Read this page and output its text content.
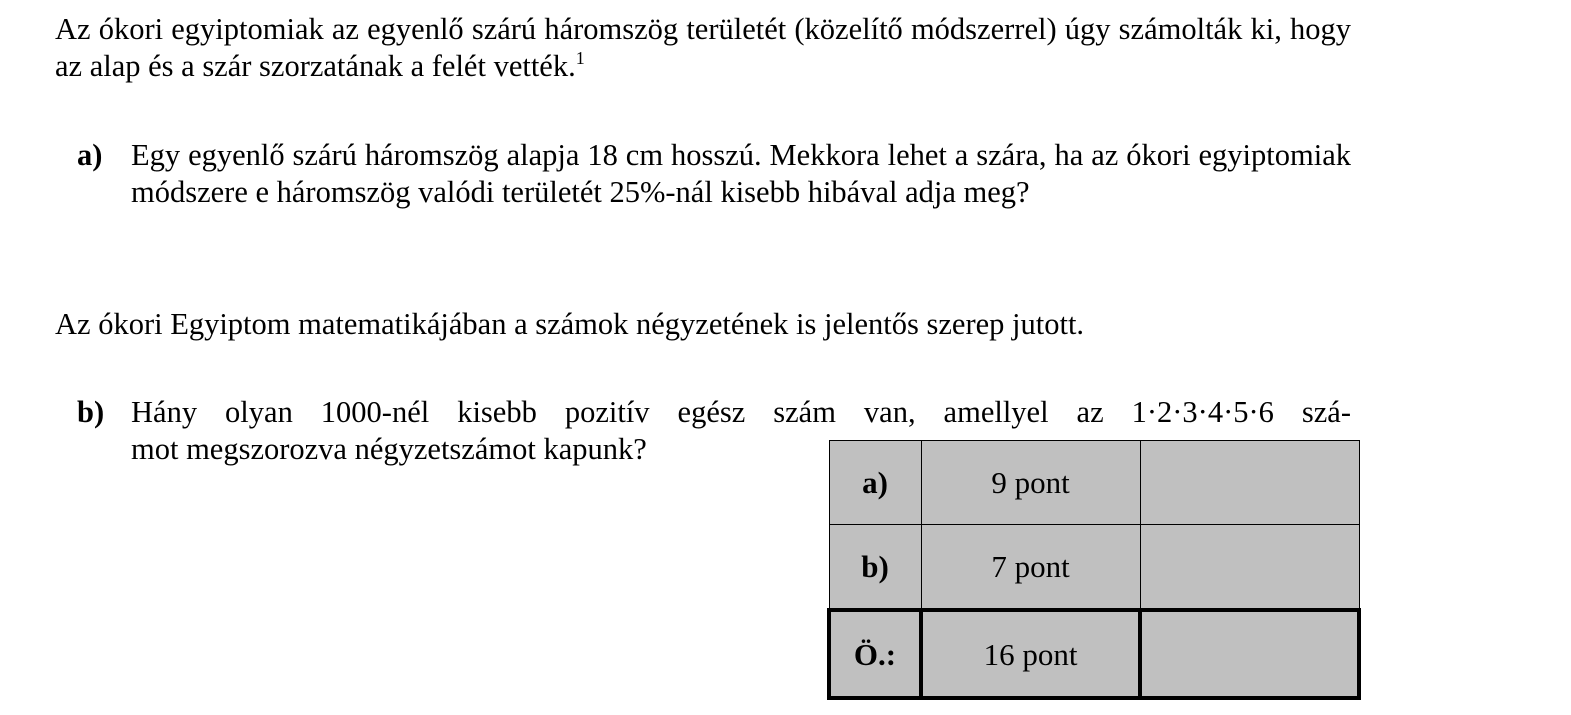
Az ókori egyiptomiak az egyenlő szárú háromszög területét (közelítő módszerrel) úgy számolták ki, hogy az alap és a szár szorzatának a felét vették.$^1$

a) Egy egyenlő szárú háromszög alapja 18 cm hosszú. Mekkora lehet a szára, ha az ókori egyiptomiak módszere e háromszög valódi területét 25%-nál kisebb hibával adja meg?

Az ókori Egyiptom matematikájában a számok négyzetének is jelentős szerep jutott.

b) Hány olyan 1000-nél kisebb pozitív egész szám van, amellyel az 1·2·3·4·5·6 szá-
mot megszorozva négyzetszámot kapunk?
a)	9 pont	
b)	7 pont	
Ö.:	16 pont	
